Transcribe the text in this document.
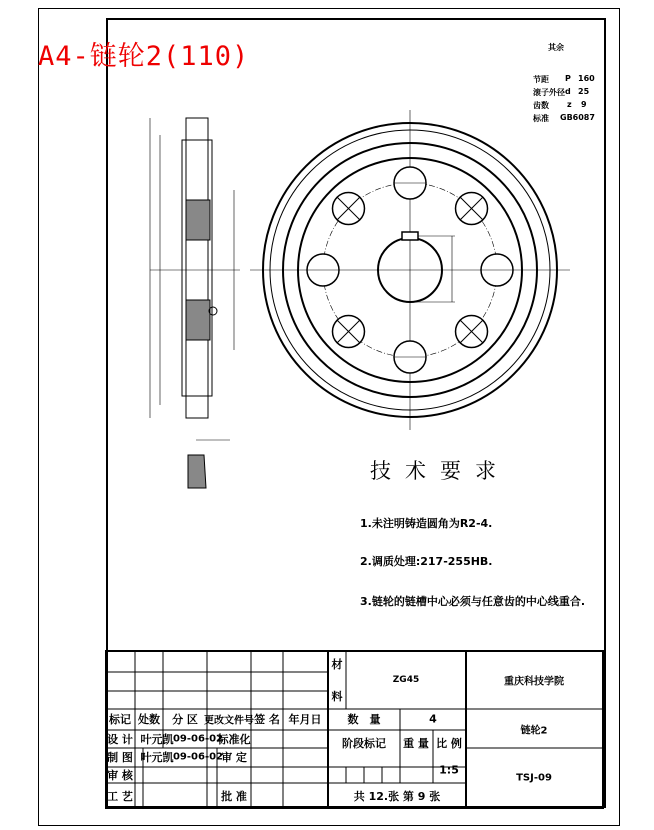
A4-链轮2(110)	其余
节距 P 160
滚子外径 d 25
齿数 z 9
标准 GB6087
技术要求
1.未注明铸造圆角为R2-4.
2.调质处理:217-255HB.
3.链轮的链槽中心必须与任意齿的中心线重合.
材
料
ZG45	重庆科技学院
链轮2
TSJ-09
数　量	4
阶段标记 重 量 比 例
1:5
共 12.张 第 9 张
标记 处数 分 区 更改文件号 签 名 年月日
设 计 叶元凯 09-06-02
标准化
制 图 叶元凯 09-06-02
审 定
审 核
工 艺	批 准
